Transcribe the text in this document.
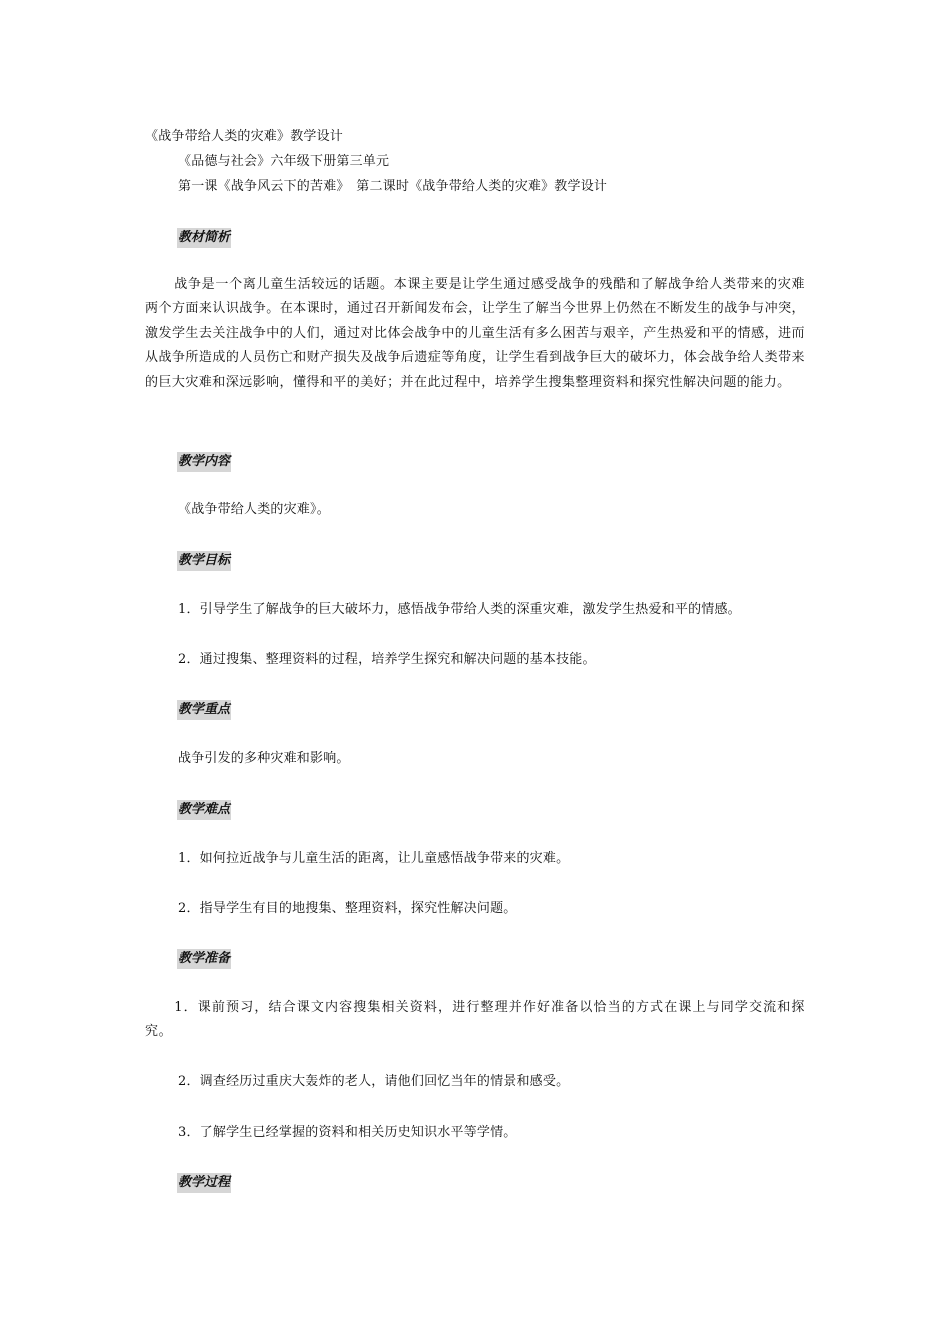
《战争带给人类的灾难》教学设计
《品德与社会》六年级下册第三单元
第一课《战争风云下的苦难》　第二课时《战争带给人类的灾难》教学设计
教材简析

战争是一个离儿童生活较远的话题。本课主要是让学生通过感受战争的残酷和了解战争给人类带来的灾难两个方面来认识战争。在本课时，通过召开新闻发布会，让学生了解当今世界上仍然在不断发生的战争与冲突，激发学生去关注战争中的人们，通过对比体会战争中的儿童生活有多么困苦与艰辛，产生热爱和平的情感，进而从战争所造成的人员伤亡和财产损失及战争后遗症等角度，让学生看到战争巨大的破坏力，体会战争给人类带来的巨大灾难和深远影响，懂得和平的美好；并在此过程中，培养学生搜集整理资料和探究性解决问题的能力。

教学内容
《战争带给人类的灾难》。
教学目标
1．引导学生了解战争的巨大破坏力，感悟战争带给人类的深重灾难，激发学生热爱和平的情感。
2．通过搜集、整理资料的过程，培养学生探究和解决问题的基本技能。
教学重点
战争引发的多种灾难和影响。
教学难点
1．如何拉近战争与儿童生活的距离，让儿童感悟战争带来的灾难。
2．指导学生有目的地搜集、整理资料，探究性解决问题。
教学准备

1．课前预习，结合课文内容搜集相关资料，进行整理并作好准备以恰当的方式在课上与同学交流和探究。

2．调查经历过重庆大轰炸的老人，请他们回忆当年的情景和感受。
3．了解学生已经掌握的资料和相关历史知识水平等学情。
教学过程
